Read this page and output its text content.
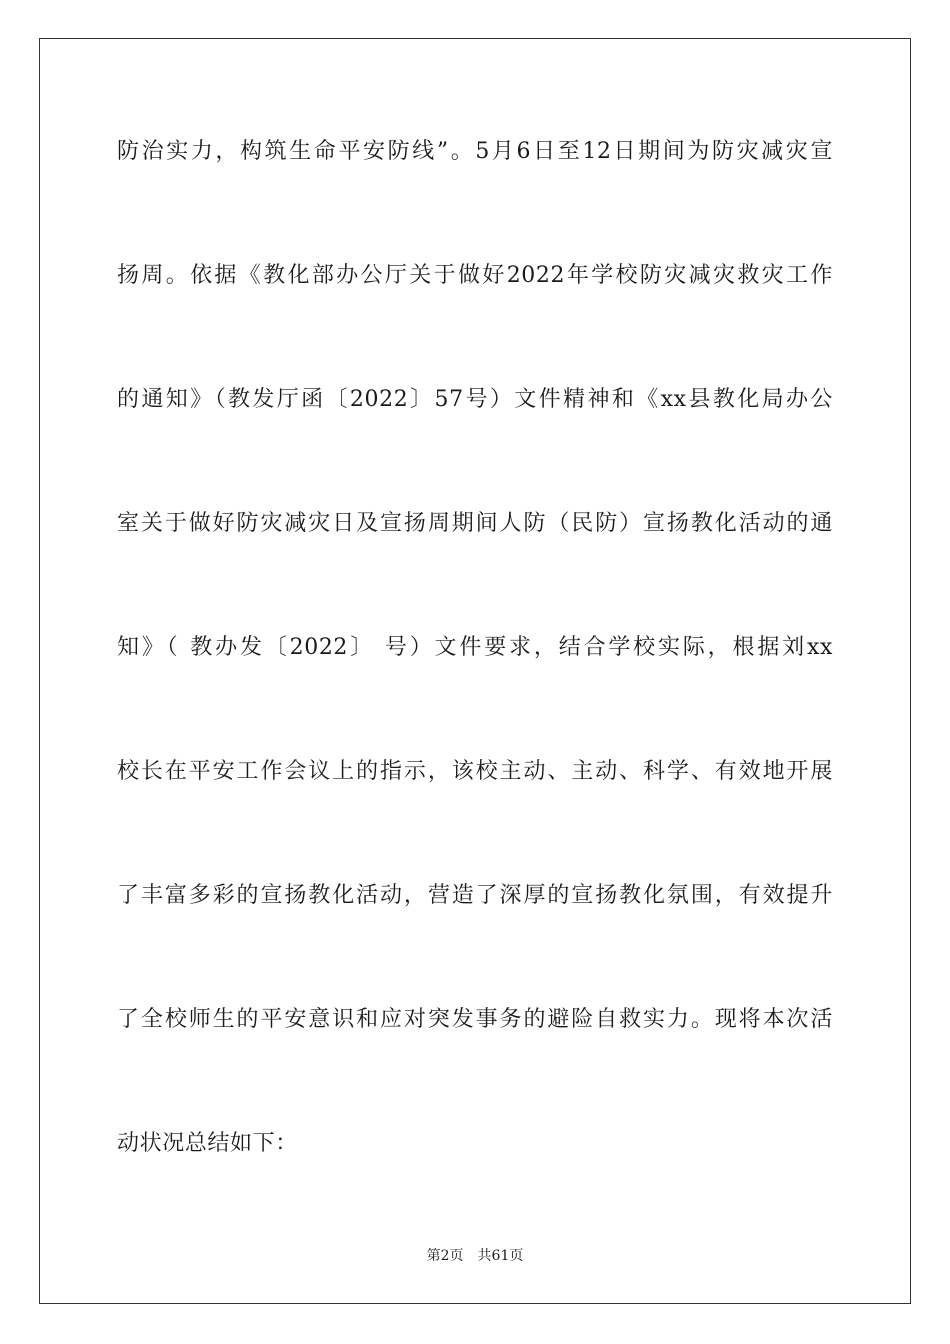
防治实力，构筑生命平安防线”。5月6日至12日期间为防灾减灾宣
扬周。依据《教化部办公厅关于做好2022年学校防灾减灾救灾工作
的通知》（教发厅函〔2022〕57号）文件精神和《xx县教化局办公
室关于做好防灾减灾日及宣扬周期间人防（民防）宣扬教化活动的通
知》（ 教办发〔2022〕 号）文件要求，结合学校实际，根据刘xx
校长在平安工作会议上的指示，该校主动、主动、科学、有效地开展
了丰富多彩的宣扬教化活动，营造了深厚的宣扬教化氛围，有效提升
了全校师生的平安意识和应对突发事务的避险自救实力。现将本次活
动状况总结如下：
第2页　共61页
